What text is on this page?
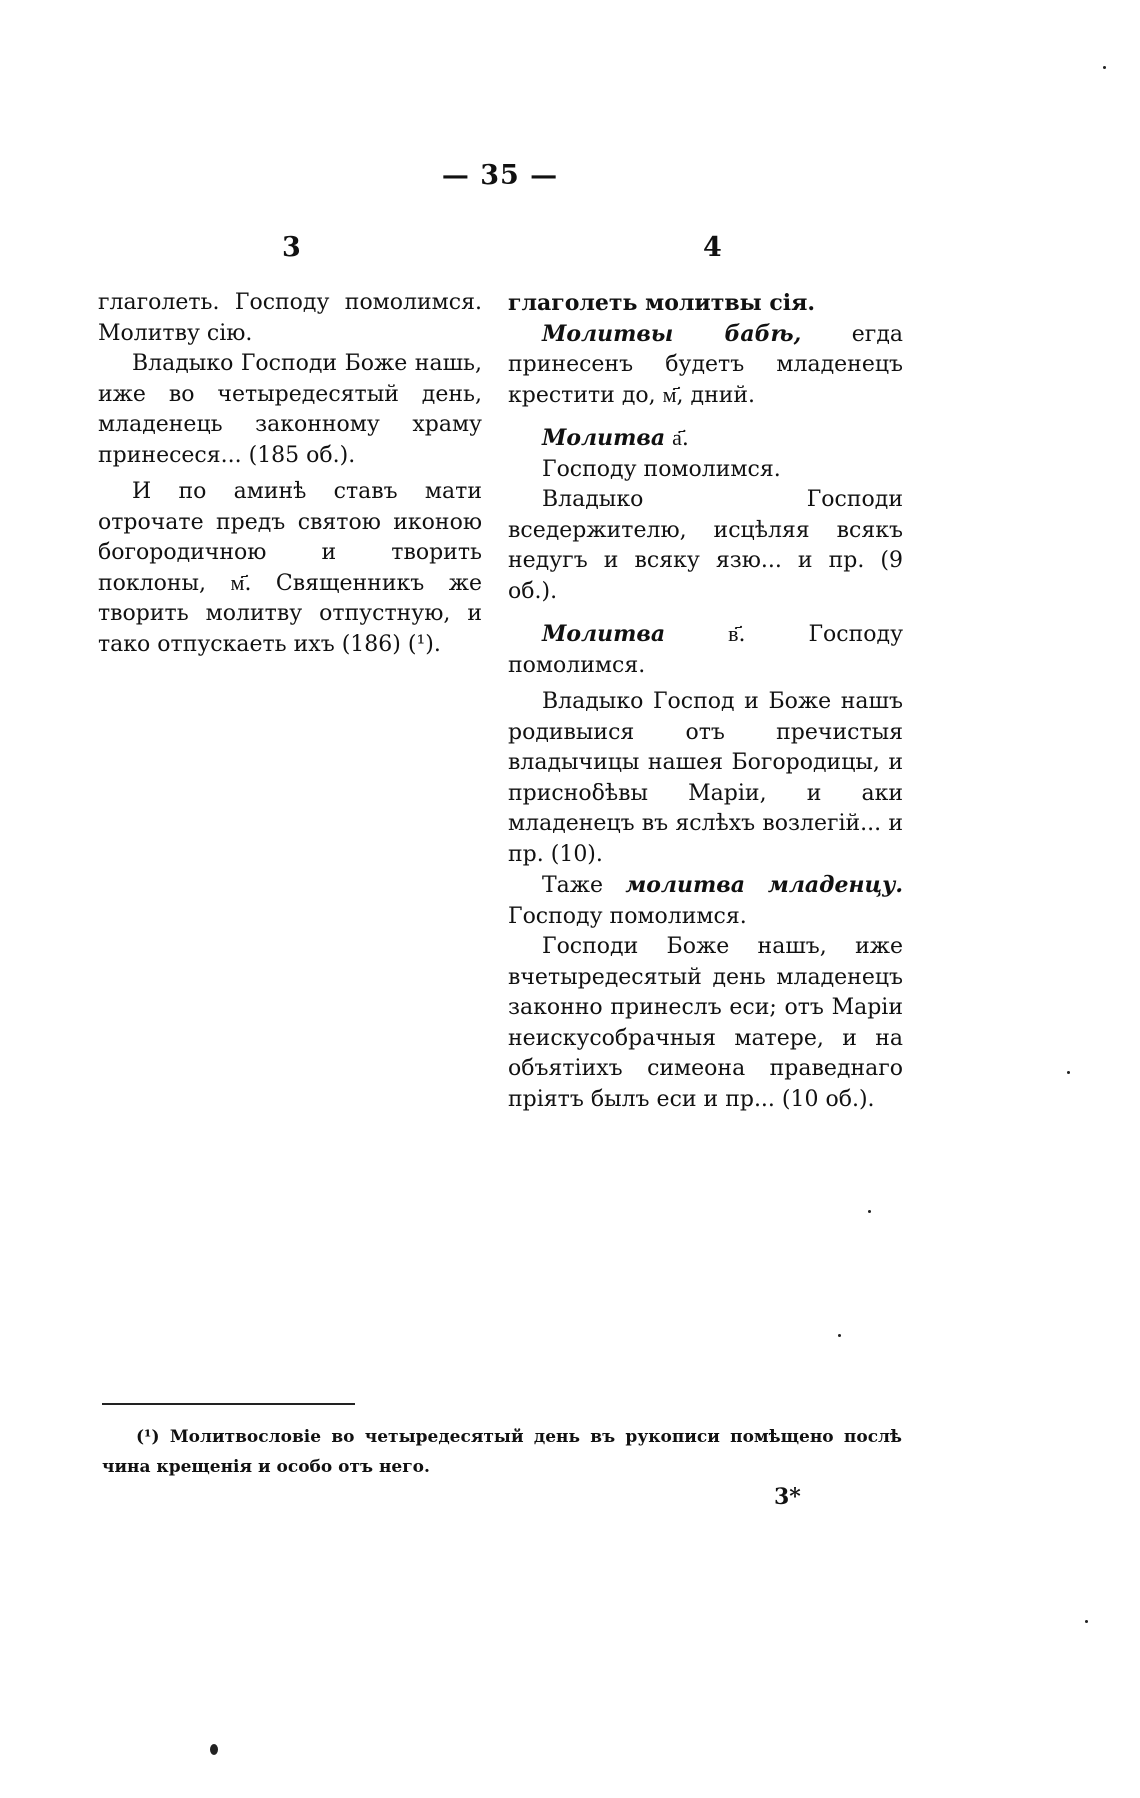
— 35 —
3	4

глаголеть. Господу помолимся. Молитву сію.

Владыко Господи Боже нашь, иже во четыредесятый день, младенець законному храму принесеся... (185 об.).

И по аминѣ ставъ мати отрочате предъ святою иконою богородичною и творить поклоны, м҃. Священникъ же творить молитву отпустную, и тако отпускаеть ихъ (186) (¹).

глаголеть молитвы сія.

Молитвы бабѣ, егда принесенъ будетъ младенецъ крестити до, м҃, дний.

Молитва а҃.

Господу помолимся.

Владыко Господи вседержителю, исцѣляя всякъ недугъ и всяку язю... и пр. (9 об.).

Молитва	в҃. Господу помолимся.

Владыко Господ и Боже нашъ родивыися отъ пречистыя владычицы нашея Богородицы, и присноδѣвы Маріи, и аки младенецъ въ яслѣхъ возлегій... и пр. (10).

Таже молитва младенцу. Господу помолимся.

Господи Боже нашъ, иже вчетыредесятый день младенецъ законно принеслъ еси; отъ Маріи неискусобрачныя матере, и на объятіихъ симеона праведнаго пріятъ былъ еси и пр... (10 об.).

(¹) Молитвословіе во четыредесятый день въ рукописи помѣщено послѣ чина крещенія и особо отъ него.
3*
